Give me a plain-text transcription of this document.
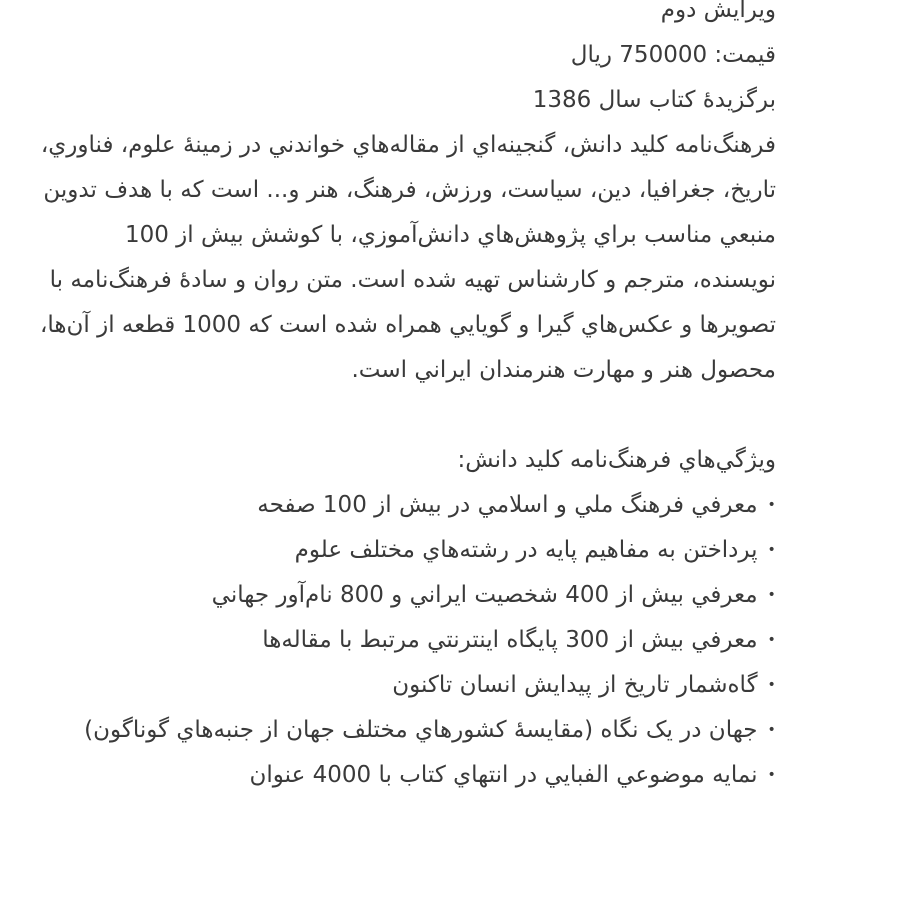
ویرایش دوم
قیمت: 750000 ریال
برگزیدهٔ کتاب سال 1386
فرهنگ‌نامه کلید دانش، گنجینه‌اي از مقاله‌هاي خواندني در زمینهٔ علوم، فناوري، تاریخ، جغرافیا، دین، سیاست، ورزش، فرهنگ، هنر و... است که با هدف تدوین منبعي مناسب براي پژوهش‌هاي دانش‌آموزي، با کوشش بیش از 100 نویسنده، مترجم و کارشناس تهیه شده است. متن روان و سادهٔ فرهنگ‌نامه با تصویرها و عکس‌هاي گیرا و گویایي همراه شده است که 1000 قطعه از آن‌ها، محصول هنر و مهارت هنرمندان ایراني است.
ویژگي‌هاي فرهنگ‌نامه کلید دانش:
•معرفي فرهنگ ملي و اسلامي در بیش از 100 صفحه
•پرداختن به مفاهیم پایه در رشته‌هاي مختلف علوم
•معرفي بیش از 400 شخصیت ایراني و 800 نام‌آور جهاني
•معرفي بیش از 300 پایگاه اینترنتي مرتبط با مقاله‌ها
•گاه‌شمار تاریخ از پیدایش انسان تاکنون
•جهان در یک نگاه (مقایسهٔ کشورهاي مختلف جهان از جنبه‌هاي گوناگون)
•نمایه موضوعي الفبایي در انتهاي کتاب با 4000 عنوان
